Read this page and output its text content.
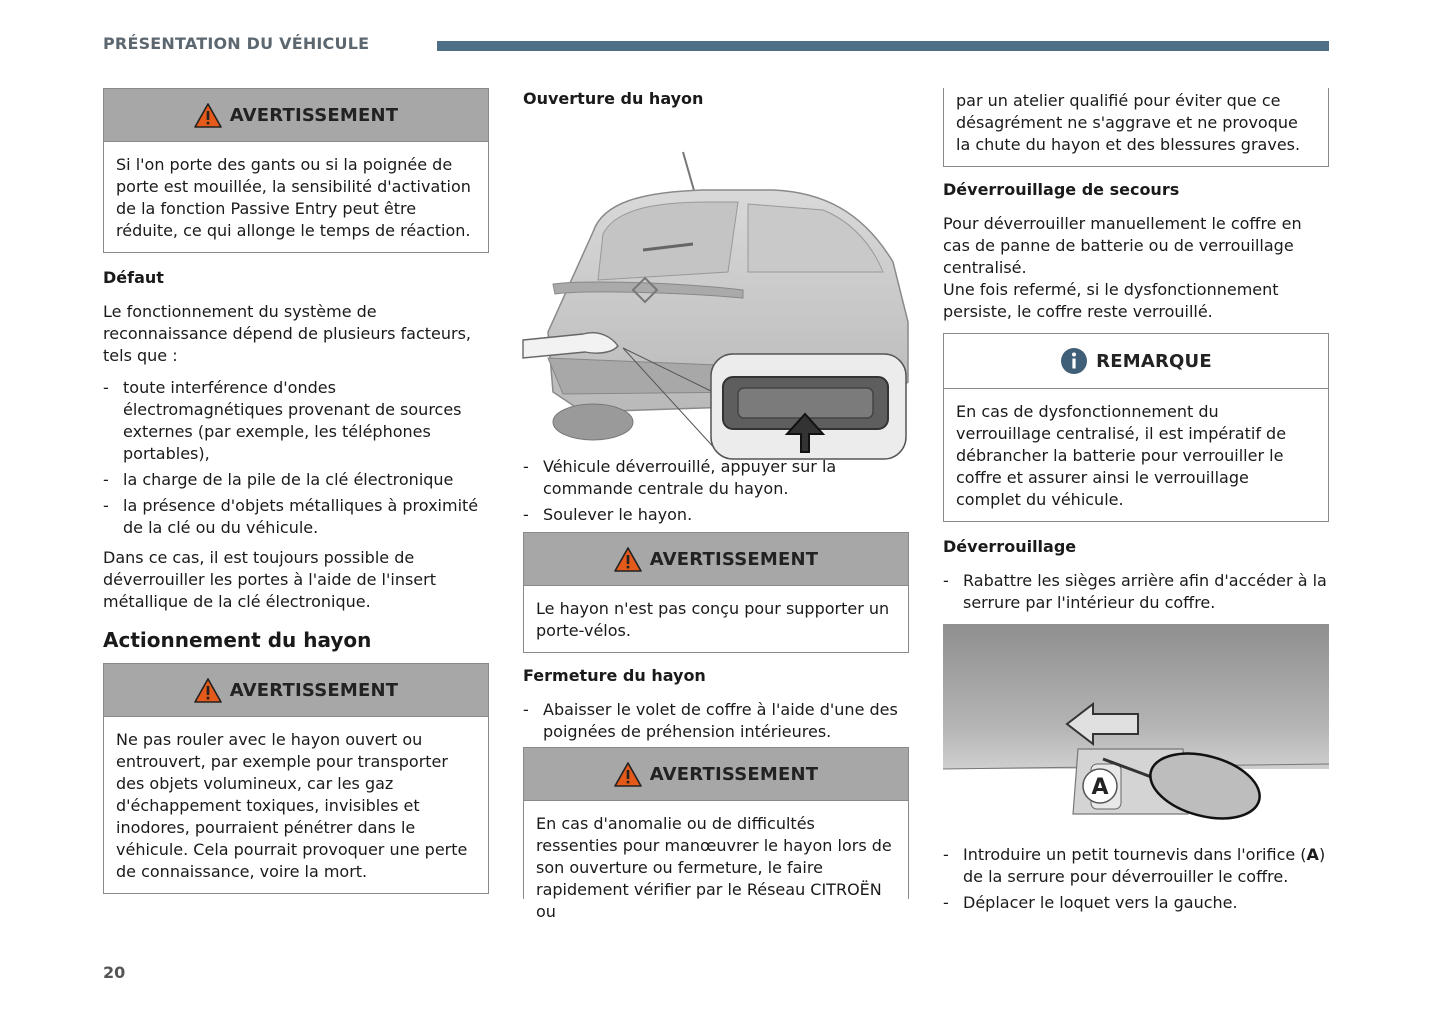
PRÉSENTATION DU VÉHICULE
AVERTISSEMENT

Si l'on porte des gants ou si la poignée de porte est mouillée, la sensibilité d'activation de la fonction Passive Entry peut être réduite, ce qui allonge le temps de réaction.

Défaut

Le fonctionnement du système de reconnaissance dépend de plusieurs facteurs, tels que :

- toute interférence d'ondes électromagnétiques provenant de sources externes (par exemple, les téléphones portables),
- la charge de la pile de la clé électronique
- la présence d'objets métalliques à proximité de la clé ou du véhicule.

Dans ce cas, il est toujours possible de déverrouiller les portes à l'aide de l'insert métallique de la clé électronique.

Actionnement du hayon

AVERTISSEMENT

Ne pas rouler avec le hayon ouvert ou entrouvert, par exemple pour transporter des objets volumineux, car les gaz d'échappement toxiques, invisibles et inodores, pourraient pénétrer dans le véhicule. Cela pourrait provoquer une perte de connaissance, voire la mort.

Ouverture du hayon

- Véhicule déverrouillé, appuyer sur la commande centrale du hayon.
- Soulever le hayon.
AVERTISSEMENT

Le hayon n'est pas conçu pour supporter un porte-vélos.

Fermeture du hayon

- Abaisser le volet de coffre à l'aide d'une des poignées de préhension intérieures.
AVERTISSEMENT

En cas d'anomalie ou de difficultés ressenties pour manœuvrer le hayon lors de son ouverture ou fermeture, le faire rapidement vérifier par le Réseau CITROËN ou

par un atelier qualifié pour éviter que ce désagrément ne s'aggrave et ne provoque la chute du hayon et des blessures graves.

Déverrouillage de secours

Pour déverrouiller manuellement le coffre en cas de panne de batterie ou de verrouillage centralisé.

Une fois refermé, si le dysfonctionnement persiste, le coffre reste verrouillé.

REMARQUE

En cas de dysfonctionnement du verrouillage centralisé, il est impératif de débrancher la batterie pour verrouiller le coffre et assurer ainsi le verrouillage complet du véhicule.

Déverrouillage

- Rabattre les sièges arrière afin d'accéder à la serrure par l'intérieur du coffre.
A
- Introduire un petit tournevis dans l'orifice (A) de la serrure pour déverrouiller le coffre.
- Déplacer le loquet vers la gauche.
20
